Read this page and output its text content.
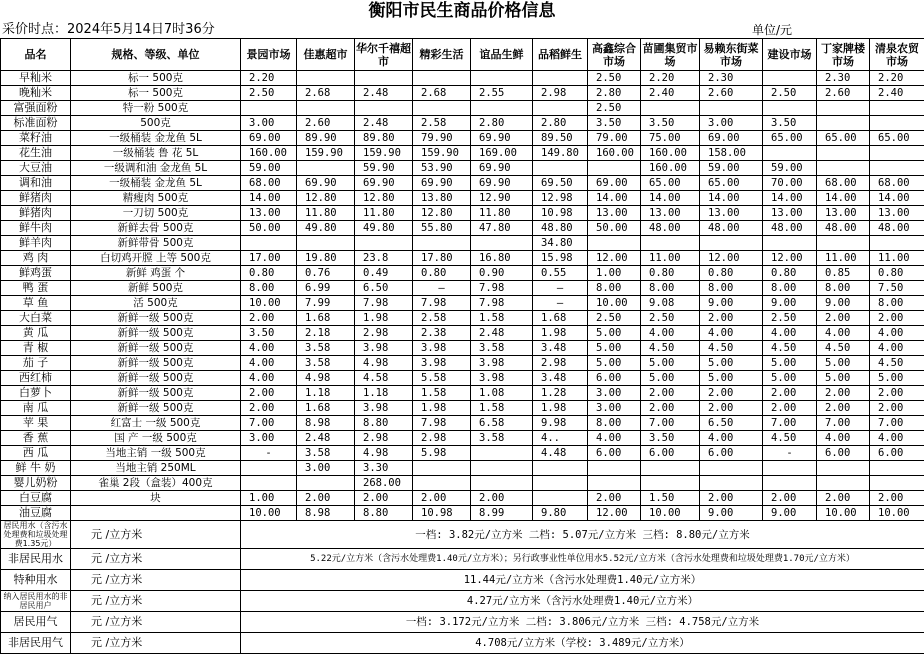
衡阳市民生商品价格信息
采价时点：2024年5月14日7时36分	单位/元
品名	规格、等级、单位	景园市场	佳惠超市	华尔千禧超 市	精彩生活	谊品生鲜	品稻鲜生	高鑫综合市场	苗圃集贸市场	易赖东街菜市场	建设市场	丁家牌楼市场	清泉农贸市场
早籼米	标一 500克	2.20						2.50	2.20	2.30		2.30	2.20
晚籼米	标一 500克	2.50	2.68	2.48	2.68	2.55	2.98	2.80	2.40	2.60	2.50	2.60	2.40
富强面粉	特一粉 500克							2.50					
标准面粉	500克	3.00	2.60	2.48	2.58	2.80	2.80	3.50	3.50	3.00	3.50		
菜籽油	一级桶装 金龙鱼 5L	69.00	89.90	89.80	79.90	69.90	89.50	79.00	75.00	69.00	65.00	65.00	65.00
花生油	一级桶装 鲁 花 5L	160.00	159.90	159.90	159.90	169.00	149.80	160.00	160.00	158.00			
大豆油	一级调和油 金龙鱼 5L	59.00		59.90	53.90	69.90			160.00	59.00	59.00		
调和油	一级桶装 金龙鱼 5L	68.00	69.90	69.90	69.90	69.90	69.50	69.00	65.00	65.00	70.00	68.00	68.00
鲜猪肉	精瘦肉 500克	14.00	12.80	12.80	13.80	12.90	12.98	14.00	14.00	14.00	14.00	14.00	14.00
鲜猪肉	一刀切 500克	13.00	11.80	11.80	12.80	11.80	10.98	13.00	13.00	13.00	13.00	13.00	13.00
鲜牛肉	新鲜去骨 500克	50.00	49.80	49.80	55.80	47.80	48.80	50.00	48.00	48.00	48.00	48.00	48.00
鲜羊肉	新鲜带骨 500克						34.80						
鸡 肉	白切鸡开膛 上等 500克	17.00	19.80	23.8	17.80	16.80	15.98	12.00	11.00	12.00	12.00	11.00	11.00
鲜鸡蛋	新鲜 鸡蛋 个	0.80	0.76	0.49	0.80	0.90	0.55	1.00	0.80	0.80	0.80	0.85	0.80
鸭 蛋	新鲜 500克	8.00	6.99	6.50	—	7.98	—	8.00	8.00	8.00	8.00	8.00	7.50
草 鱼	活 500克	10.00	7.99	7.98	7.98	7.98	—	10.00	9.08	9.00	9.00	9.00	8.00
大白菜	新鲜一级 500克	2.00	1.68	1.98	2.58	1.58	1.68	2.50	2.50	2.00	2.50	2.00	2.00
黄 瓜	新鲜一级 500克	3.50	2.18	2.98	2.38	2.48	1.98	5.00	4.00	4.00	4.00	4.00	4.00
青 椒	新鲜一级 500克	4.00	3.58	3.98	3.98	3.58	3.48	5.00	4.50	4.50	4.50	4.50	4.00
茄 子	新鲜一级 500克	4.00	3.58	4.98	3.98	3.98	2.98	5.00	5.00	5.00	5.00	5.00	4.50
西红柿	新鲜一级 500克	4.00	4.98	4.58	5.58	3.98	3.48	6.00	5.00	5.00	5.00	5.00	5.00
白萝卜	新鲜一级 500克	2.00	1.18	1.18	1.58	1.08	1.28	3.00	2.00	2.00	2.00	2.00	2.00
南 瓜	新鲜一级 500克	2.00	1.68	3.98	1.98	1.58	1.98	3.00	2.00	2.00	2.00	2.00	2.00
苹 果	红富士 一级 500克	7.00	8.98	8.80	7.98	6.58	9.98	8.00	7.00	6.50	7.00	7.00	7.00
香 蕉	国 产 一级 500克	3.00	2.48	2.98	2.98	3.58	4..	4.00	3.50	4.00	4.50	4.00	4.00
西 瓜	当地主销 一级 500克	-	3.58	4.98	5.98		4.48	6.00	6.00	6.00	-	6.00	6.00
鲜 牛 奶	当地主销 250ML		3.00	3.30									
婴儿奶粉	雀巢 2段（盒装）400克			268.00									
白豆腐	块	1.00	2.00	2.00	2.00	2.00		2.00	1.50	2.00	2.00	2.00	2.00
油豆腐		10.00	8.98	8.80	10.98	8.99	9.80	12.00	10.00	9.00	9.00	10.00	10.00
居民用水（含污水处理费和垃圾处理费1.35元）	元 /立方米	一档: 3.82元/立方米 二档: 5.07元/立方米 三档: 8.80元/立方米											
非居民用水	元 /立方米	5.22元/立方米（含污水处理费1.40元/立方米）；另行政事业性单位用水5.52元/立方米（含污水处理费和垃圾处理费1.70元/立方米）											
特种用水	元 /立方米	11.44元/立方米（含污水处理费1.40元/立方米）											
纳入居民用水的非居民用户	元 /立方米	4.27元/立方米（含污水处理费1.40元/立方米）											
居民用气	元 /立方米	一档: 3.172元/立方米 二档: 3.806元/立方米 三档: 4.758元/立方米											
非居民用气	元 /立方米	4.708元/立方米（学校: 3.489元/立方米）											
